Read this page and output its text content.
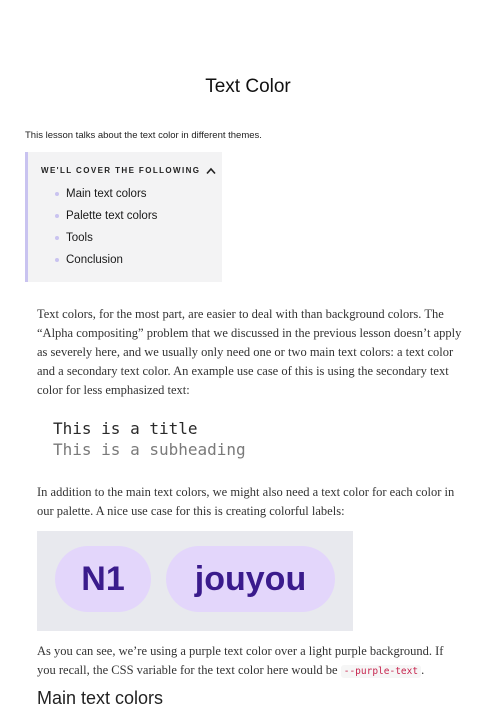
Text Color

This lesson talks about the text color in different themes.

WE'LL COVER THE FOLLOWING
Main text colors
Palette text colors
Tools
Conclusion

Text colors, for the most part, are easier to deal with than background colors. The “Alpha compositing” problem that we discussed in the previous lesson doesn’t apply as severely here, and we usually only need one or two main text colors: a text color and a secondary text color. An example use case of this is using the secondary text color for less emphasized text:

This is a title
This is a subheading

In addition to the main text colors, we might also need a text color for each color in our palette. A nice use case for this is creating colorful labels:

N1	jouyou

As you can see, we’re using a purple text color over a light purple background. If you recall, the CSS variable for the text color here would be --purple-text .

Main text colors
